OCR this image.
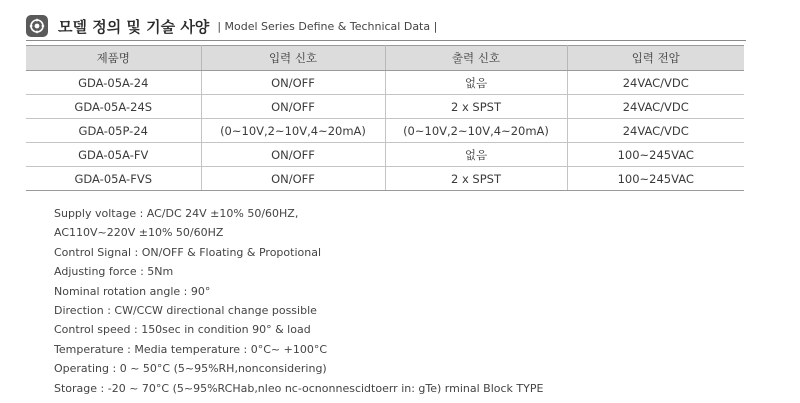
모델 정의 및 기술 사양 | Model Series Define & Technical Data |
제품명	입력 신호	출력 신호	입력 전압
GDA-05A-24	ON/OFF	없음	24VAC/VDC
GDA-05A-24S	ON/OFF	2 x SPST	24VAC/VDC
GDA-05P-24	(0~10V,2~10V,4~20mA)	(0~10V,2~10V,4~20mA)	24VAC/VDC
GDA-05A-FV	ON/OFF	없음	100~245VAC
GDA-05A-FVS	ON/OFF	2 x SPST	100~245VAC
Supply voltage : AC/DC 24V ±10% 50/60HZ,
AC110V~220V ±10% 50/60HZ
Control Signal : ON/OFF & Floating & Propotional
Adjusting force : 5Nm
Nominal rotation angle : 90°
Direction : CW/CCW directional change possible
Control speed : 150sec in condition 90° & load
Temperature : Media temperature : 0°C~ +100°C
Operating : 0 ~ 50°C (5~95%RH,nonconsidering)
Storage : -20 ~ 70°C (5~95%RCHab,nleo nc-ocnonnescidtoerr in: gTe) rminal Block TYPE
